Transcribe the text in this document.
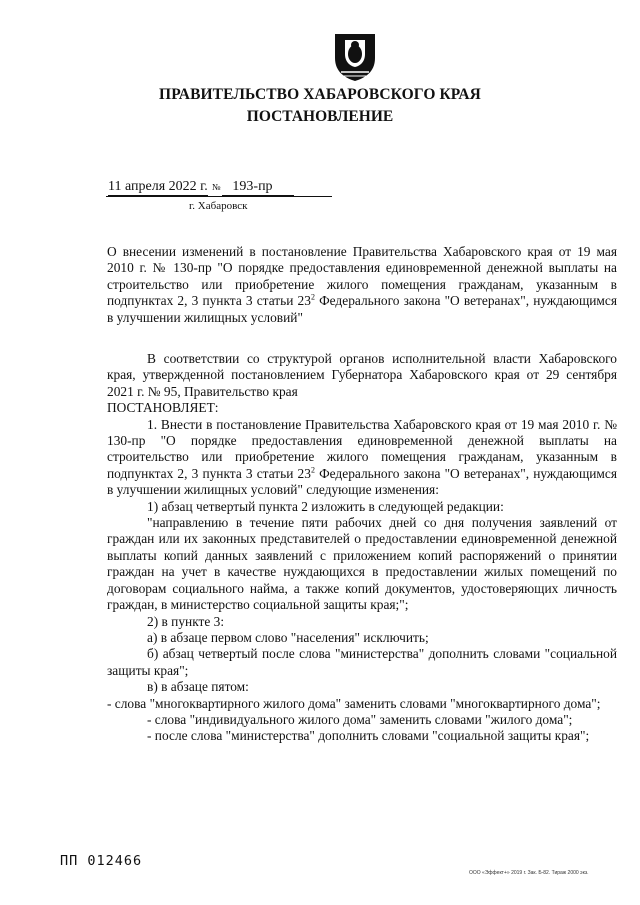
ПРАВИТЕЛЬСТВО ХАБАРОВСКОГО КРАЯ
ПОСТАНОВЛЕНИЕ
11 апреля 2022 г. № 193-пр
г. Хабаровск
О внесении изменений в постановление Правительства Хабаровского края от 19 мая 2010 г. № 130-пр "О порядке предоставления единовременной денежной выплаты на строительство или приобретение жилого помещения гражданам, указанным в подпунктах 2, 3 пункта 3 статьи $23^2$ Федерального закона "О ветеранах", нуждающимся в улучшении жилищных условий"

В соответствии со структурой органов исполнительной власти Хабаровского края, утвержденной постановлением Губернатора Хабаровского края от 29 сентября 2021 г. № 95, Правительство края

ПОСТАНОВЛЯЕТ:

1. Внести в постановление Правительства Хабаровского края от 19 мая 2010 г. № 130-пр "О порядке предоставления единовременной денежной выплаты на строительство или приобретение жилого помещения гражданам, указанным в подпунктах 2, 3 пункта 3 статьи $23^2$ Федерального закона "О ветеранах", нуждающимся в улучшении жилищных условий" следующие изменения:

1) абзац четвертый пункта 2 изложить в следующей редакции:

"направлению в течение пяти рабочих дней со дня получения заявлений от граждан или их законных представителей о предоставлении единовременной денежной выплаты копий данных заявлений с приложением копий распоряжений о принятии граждан на учет в качестве нуждающихся в предоставлении жилых помещений по договорам социального найма, а также копий документов, удостоверяющих личность граждан, в министерство социальной защиты края;";

2) в пункте 3:

а) в абзаце первом слово "населения" исключить;

б) абзац четвертый после слова "министерства" дополнить словами "социальной защиты края";

в) в абзаце пятом:

- слова "многоквартирного жилого дома" заменить словами "многоквартирного дома";

- слова "индивидуального жилого дома" заменить словами "жилого дома";

- после слова "министерства" дополнить словами "социальной защиты края";

ПП 012466
ООО «Эффект+» 2019 г. Зак. Б-82. Тираж 2000 экз.
